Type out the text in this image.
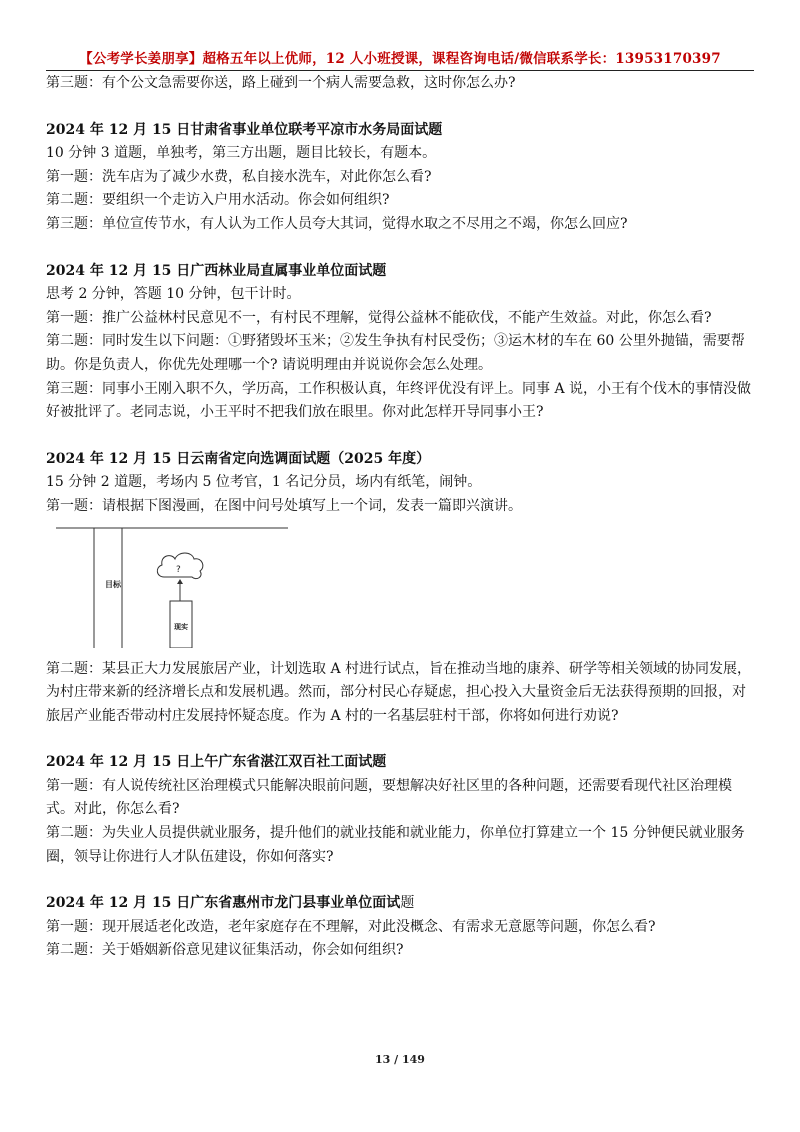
【公考学长姜朋享】超格五年以上优师，12 人小班授课，课程咨询电话/微信联系学长：13953170397

第三题：有个公文急需要你送，路上碰到一个病人需要急救，这时你怎么办?

2024 年 12 月 15 日甘肃省事业单位联考平凉市水务局面试题

10 分钟 3 道题，单独考，第三方出题，题目比较长，有题本。

第一题：洗车店为了减少水费，私自接水洗车，对此你怎么看?

第二题：要组织一个走访入户用水活动。你会如何组织?

第三题：单位宣传节水，有人认为工作人员夸大其词，觉得水取之不尽用之不竭，你怎么回应?

2024 年 12 月 15 日广西林业局直属事业单位面试题

思考 2 分钟，答题 10 分钟，包干计时。

第一题：推广公益林村民意见不一，有村民不理解，觉得公益林不能砍伐，不能产生效益。对此，你怎么看?

第二题：同时发生以下问题：①野猪毁坏玉米；②发生争执有村民受伤；③运木材的车在 60 公里外抛锚，需要帮助。你是负责人，你优先处理哪一个? 请说明理由并说说你会怎么处理。

第三题：同事小王刚入职不久，学历高，工作积极认真，年终评优没有评上。同事 A 说，小王有个伐木的事情没做好被批评了。老同志说，小王平时不把我们放在眼里。你对此怎样开导同事小王?

2024 年 12 月 15 日云南省定向选调面试题（2025 年度）

15 分钟 2 道题，考场内 5 位考官，1 名记分员，场内有纸笔，闹钟。

第一题：请根据下图漫画，在图中问号处填写上一个词，发表一篇即兴演讲。

目标
?
现实

第二题：某县正大力发展旅居产业，计划选取 A 村进行试点，旨在推动当地的康养、研学等相关领域的协同发展，为村庄带来新的经济增长点和发展机遇。然而，部分村民心存疑虑，担心投入大量资金后无法获得预期的回报，对旅居产业能否带动村庄发展持怀疑态度。作为 A 村的一名基层驻村干部，你将如何进行劝说?

2024 年 12 月 15 日上午广东省湛江双百社工面试题

第一题：有人说传统社区治理模式只能解决眼前问题，要想解决好社区里的各种问题，还需要看现代社区治理模式。对此，你怎么看?

第二题：为失业人员提供就业服务，提升他们的就业技能和就业能力，你单位打算建立一个 15 分钟便民就业服务圈，领导让你进行人才队伍建设，你如何落实?

2024 年 12 月 15 日广东省惠州市龙门县事业单位面试题

第一题：现开展适老化改造，老年家庭存在不理解，对此没概念、有需求无意愿等问题，你怎么看?

第二题：关于婚姻新俗意见建议征集活动，你会如何组织?

13 / 149
